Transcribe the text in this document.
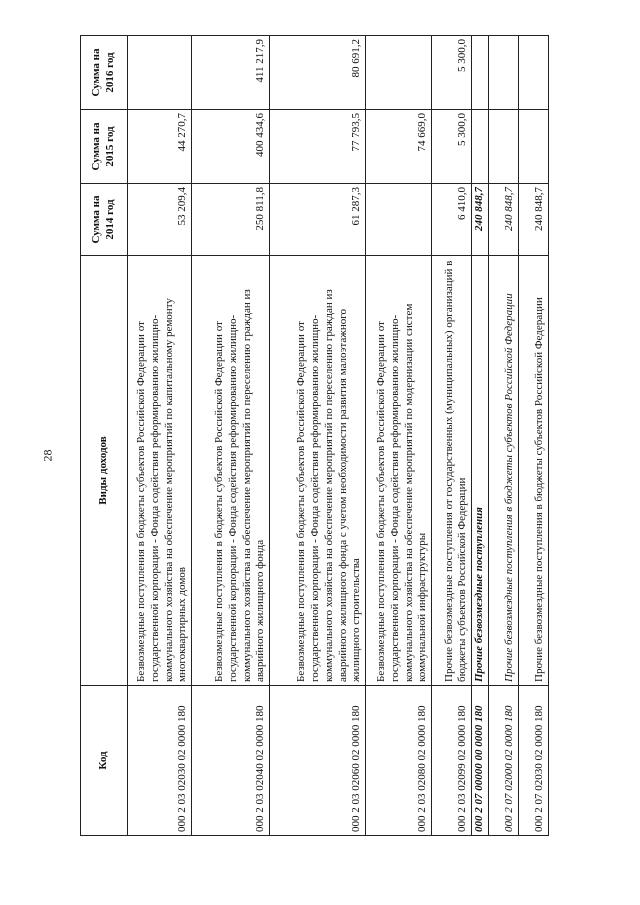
28
Код	Виды доходов	Сумма на 2014 год	Сумма на 2015 год	Сумма на 2016 год
000 2 03 02030 02 0000 180	Безвозмездные поступления в бюджеты субъектов Российской Федерации от государственной корпорации - Фонда содействия реформированию жилищно-коммунального хозяйства на обеспечение мероприятий по капитальному ремонту многоквартирных домов	53 209,4	44 270,7	
000 2 03 02040 02 0000 180	Безвозмездные поступления в бюджеты субъектов Российской Федерации от государственной корпорации - Фонда содействия реформированию жилищно-коммунального хозяйства на обеспечение мероприятий по переселению граждан из аварийного жилищного фонда	250 811,8	400 434,6	411 217,9
000 2 03 02060 02 0000 180	Безвозмездные поступления в бюджеты субъектов Российской Федерации от государственной корпорации - Фонда содействия реформированию жилищно-коммунального хозяйства на обеспечение мероприятий по переселению граждан из аварийного жилищного фонда с учетом необходимости развития малоэтажного жилищного строительства	61 287,3	77 793,5	80 691,2
000 2 03 02080 02 0000 180	Безвозмездные поступления в бюджеты субъектов Российской Федерации от государственной корпорации - Фонда содействия реформированию жилищно-коммунального хозяйства на обеспечение мероприятий по модернизации систем коммунальной инфраструктуры		74 669,0	
000 2 03 02099 02 0000 180	Прочие безвозмездные поступления от государственных (муниципальных) организаций в бюджеты субъектов Российской Федерации	6 410,0	5 300,0	5 300,0
000 2 07 00000 00 0000 180	Прочие безвозмездные поступления	240 848,7		
000 2 07 02000 02 0000 180	Прочие безвозмездные поступления в бюджеты субъектов Российской Федерации	240 848,7		
000 2 07 02030 02 0000 180	Прочие безвозмездные поступления в бюджеты субъектов Российской Федерации	240 848,7		
